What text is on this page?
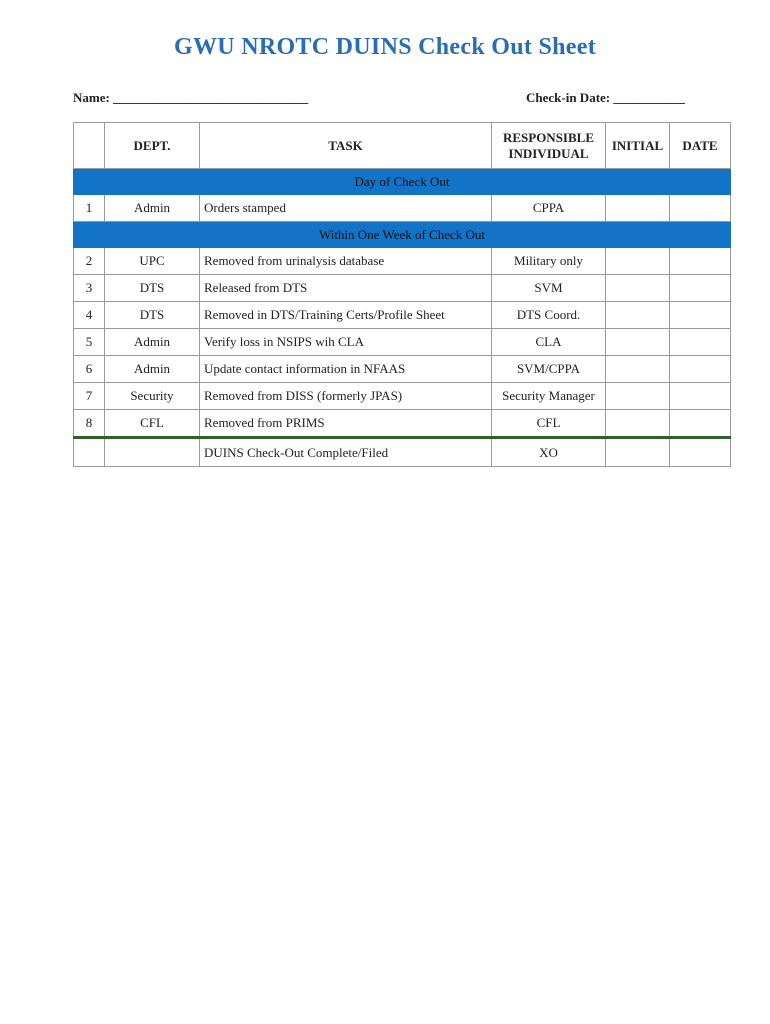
GWU NROTC DUINS Check Out Sheet
Name: ______________________________	Check-in Date: ___________
	DEPT.	TASK	RESPONSIBLE INDIVIDUAL	INITIAL	DATE
Day of Check Out					
1	Admin	Orders stamped	CPPA		
Within One Week of Check Out					
2	UPC	Removed from urinalysis database	Military only		
3	DTS	Released from DTS	SVM		
4	DTS	Removed in DTS/Training Certs/Profile Sheet	DTS Coord.		
5	Admin	Verify loss in NSIPS wih CLA	CLA		
6	Admin	Update contact information in NFAAS	SVM/CPPA		
7	Security	Removed from DISS (formerly JPAS)	Security Manager		
8	CFL	Removed from PRIMS	CFL		
		DUINS Check-Out Complete/Filed	XO		
